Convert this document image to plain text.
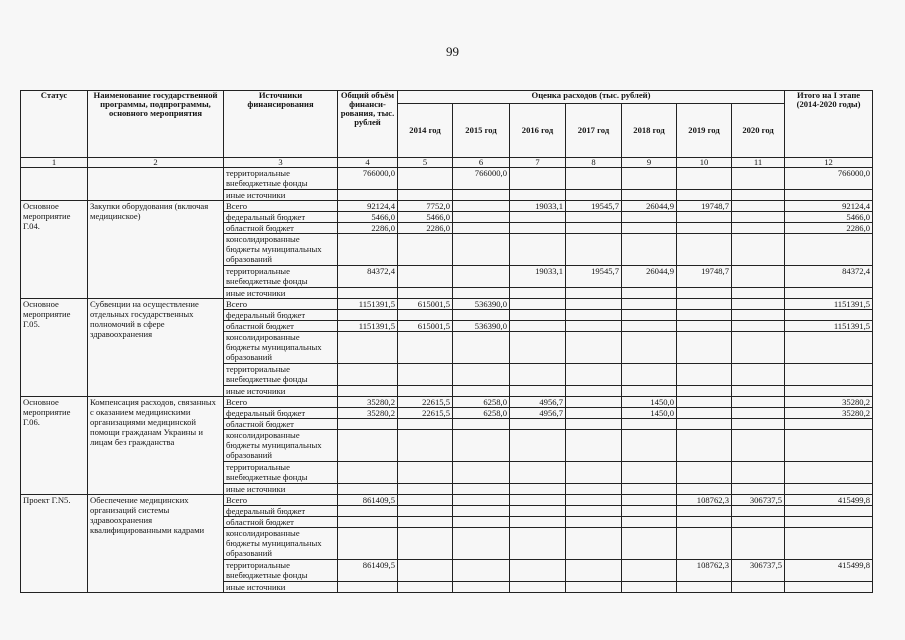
99
Статус	Наименование государственной программы, подпрограммы, основного мероприятия	Источники финансирования	Общий объём финанси-рования, тыс. рублей	Оценка расходов (тыс. рублей)							Итого на I этапе (2014-2020 годы)
				2014 год	2015 год	2016 год	2017 год	2018 год	2019 год	2020 год	
1	2	3	4	5	6	7	8	9	10	11	12
		территориальные внебюджетные фонды	766000,0		766000,0						766000,0
		иные источники									
Основное мероприятие Г.04.	Закупки оборудования (включая медицинское)	Всего	92124,4	7752,0		19033,1	19545,7	26044,9	19748,7		92124,4
		федеральный бюджет	5466,0	5466,0							5466,0
		областной бюджет	2286,0	2286,0							2286,0
		консолидированные бюджеты муниципальных образований									
		территориальные внебюджетные фонды	84372,4			19033,1	19545,7	26044,9	19748,7		84372,4
		иные источники									
Основное мероприятие Г.05.	Субвенции на осуществление отдельных государственных полномочий в сфере здравоохранения	Всего	1151391,5	615001,5	536390,0						1151391,5
		федеральный бюджет									
		областной бюджет	1151391,5	615001,5	536390,0						1151391,5
		консолидированные бюджеты муниципальных образований									
		территориальные внебюджетные фонды									
		иные источники									
Основное мероприятие Г.06.	Компенсация расходов, связанных с оказанием медицинскими организациями медицинской помощи гражданам Украины и лицам без гражданства	Всего	35280,2	22615,5	6258,0	4956,7		1450,0			35280,2
		федеральный бюджет	35280,2	22615,5	6258,0	4956,7		1450,0			35280,2
		областной бюджет									
		консолидированные бюджеты муниципальных образований									
		территориальные внебюджетные фонды									
		иные источники									
Проект Г.N5.	Обеспечение медицинских организаций системы здравоохранения квалифицированными кадрами	Всего	861409,5						108762,3	306737,5	415499,8
		федеральный бюджет									
		областной бюджет									
		консолидированные бюджеты муниципальных образований									
		территориальные внебюджетные фонды	861409,5						108762,3	306737,5	415499,8
		иные источники									
